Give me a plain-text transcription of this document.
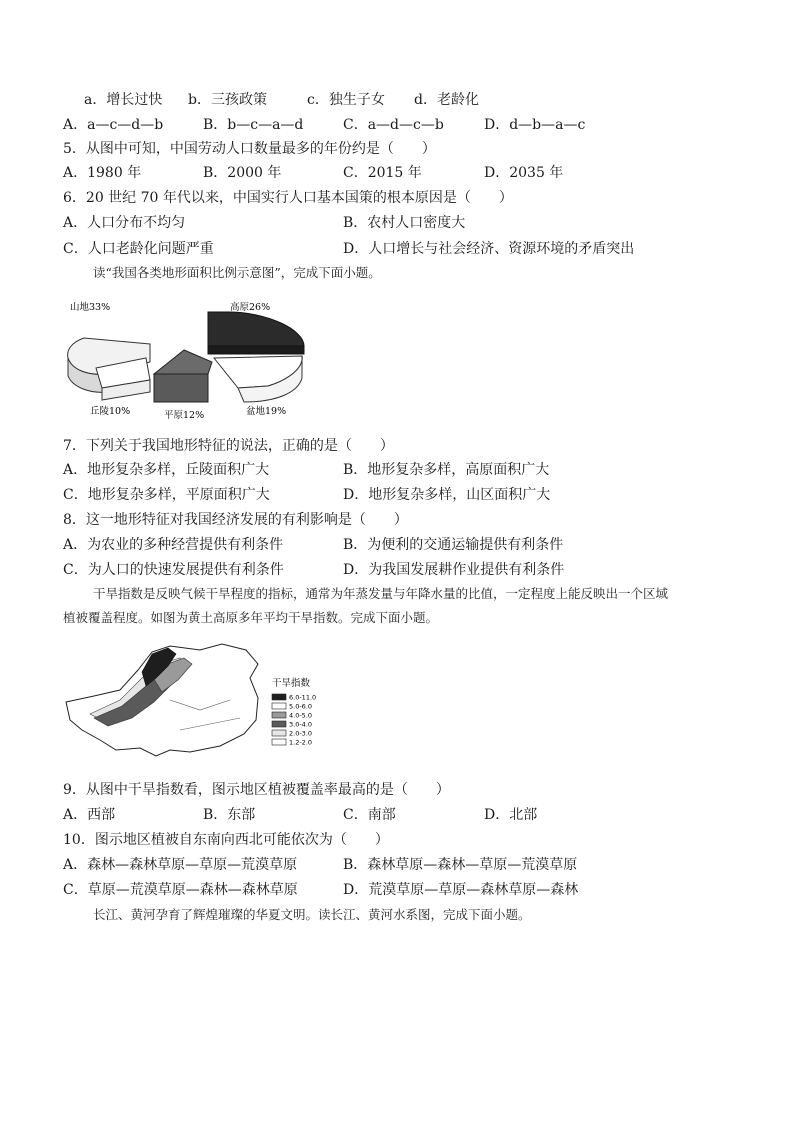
a．增长过快 b．三孩政策	c．独生子女 d．老龄化
A．a—c—d—b	B．b—c—a—d	C．a—d—c—b	D．d—b—a—c
5．从图中可知，中国劳动人口数量最多的年份约是（　　）
A．1980 年	B．2000 年	C．2015 年	D．2035 年
6．20 世纪 70 年代以来，中国实行人口基本国策的根本原因是（　　）
A．人口分布不均匀	B．农村人口密度大
C．人口老龄化问题严重	D．人口增长与社会经济、资源环境的矛盾突出
读“我国各类地形面积比例示意图”，完成下面小题。
山地33%	高原26%
盆地19%
平原12%
丘陵10%
7．下列关于我国地形特征的说法，正确的是（　　）
A．地形复杂多样，丘陵面积广大	B．地形复杂多样，高原面积广大
C．地形复杂多样，平原面积广大	D．地形复杂多样，山区面积广大
8．这一地形特征对我国经济发展的有利影响是（　　）
A．为农业的多种经营提供有利条件	B．为便利的交通运输提供有利条件
C．为人口的快速发展提供有利条件	D．为我国发展耕作业提供有利条件
干旱指数是反映气候干旱程度的指标，通常为年蒸发量与年降水量的比值，一定程度上能反映出一个区域
植被覆盖程度。如图为黄土高原多年平均干旱指数。完成下面小题。
干旱指数
6.0-11.0
5.0-6.0
4.0-5.0
3.0-4.0
2.0-3.0
1.2-2.0
9．从图中干旱指数看，图示地区植被覆盖率最高的是（　　）
A．西部	B．东部	C．南部	D．北部
10．图示地区植被自东南向西北可能依次为（　　）
A．森林—森林草原—草原—荒漠草原	B．森林草原—森林—草原—荒漠草原
C．草原—荒漠草原—森林—森林草原	D．荒漠草原—草原—森林草原—森林
长江、黄河孕育了辉煌璀璨的华夏文明。读长江、黄河水系图，完成下面小题。
